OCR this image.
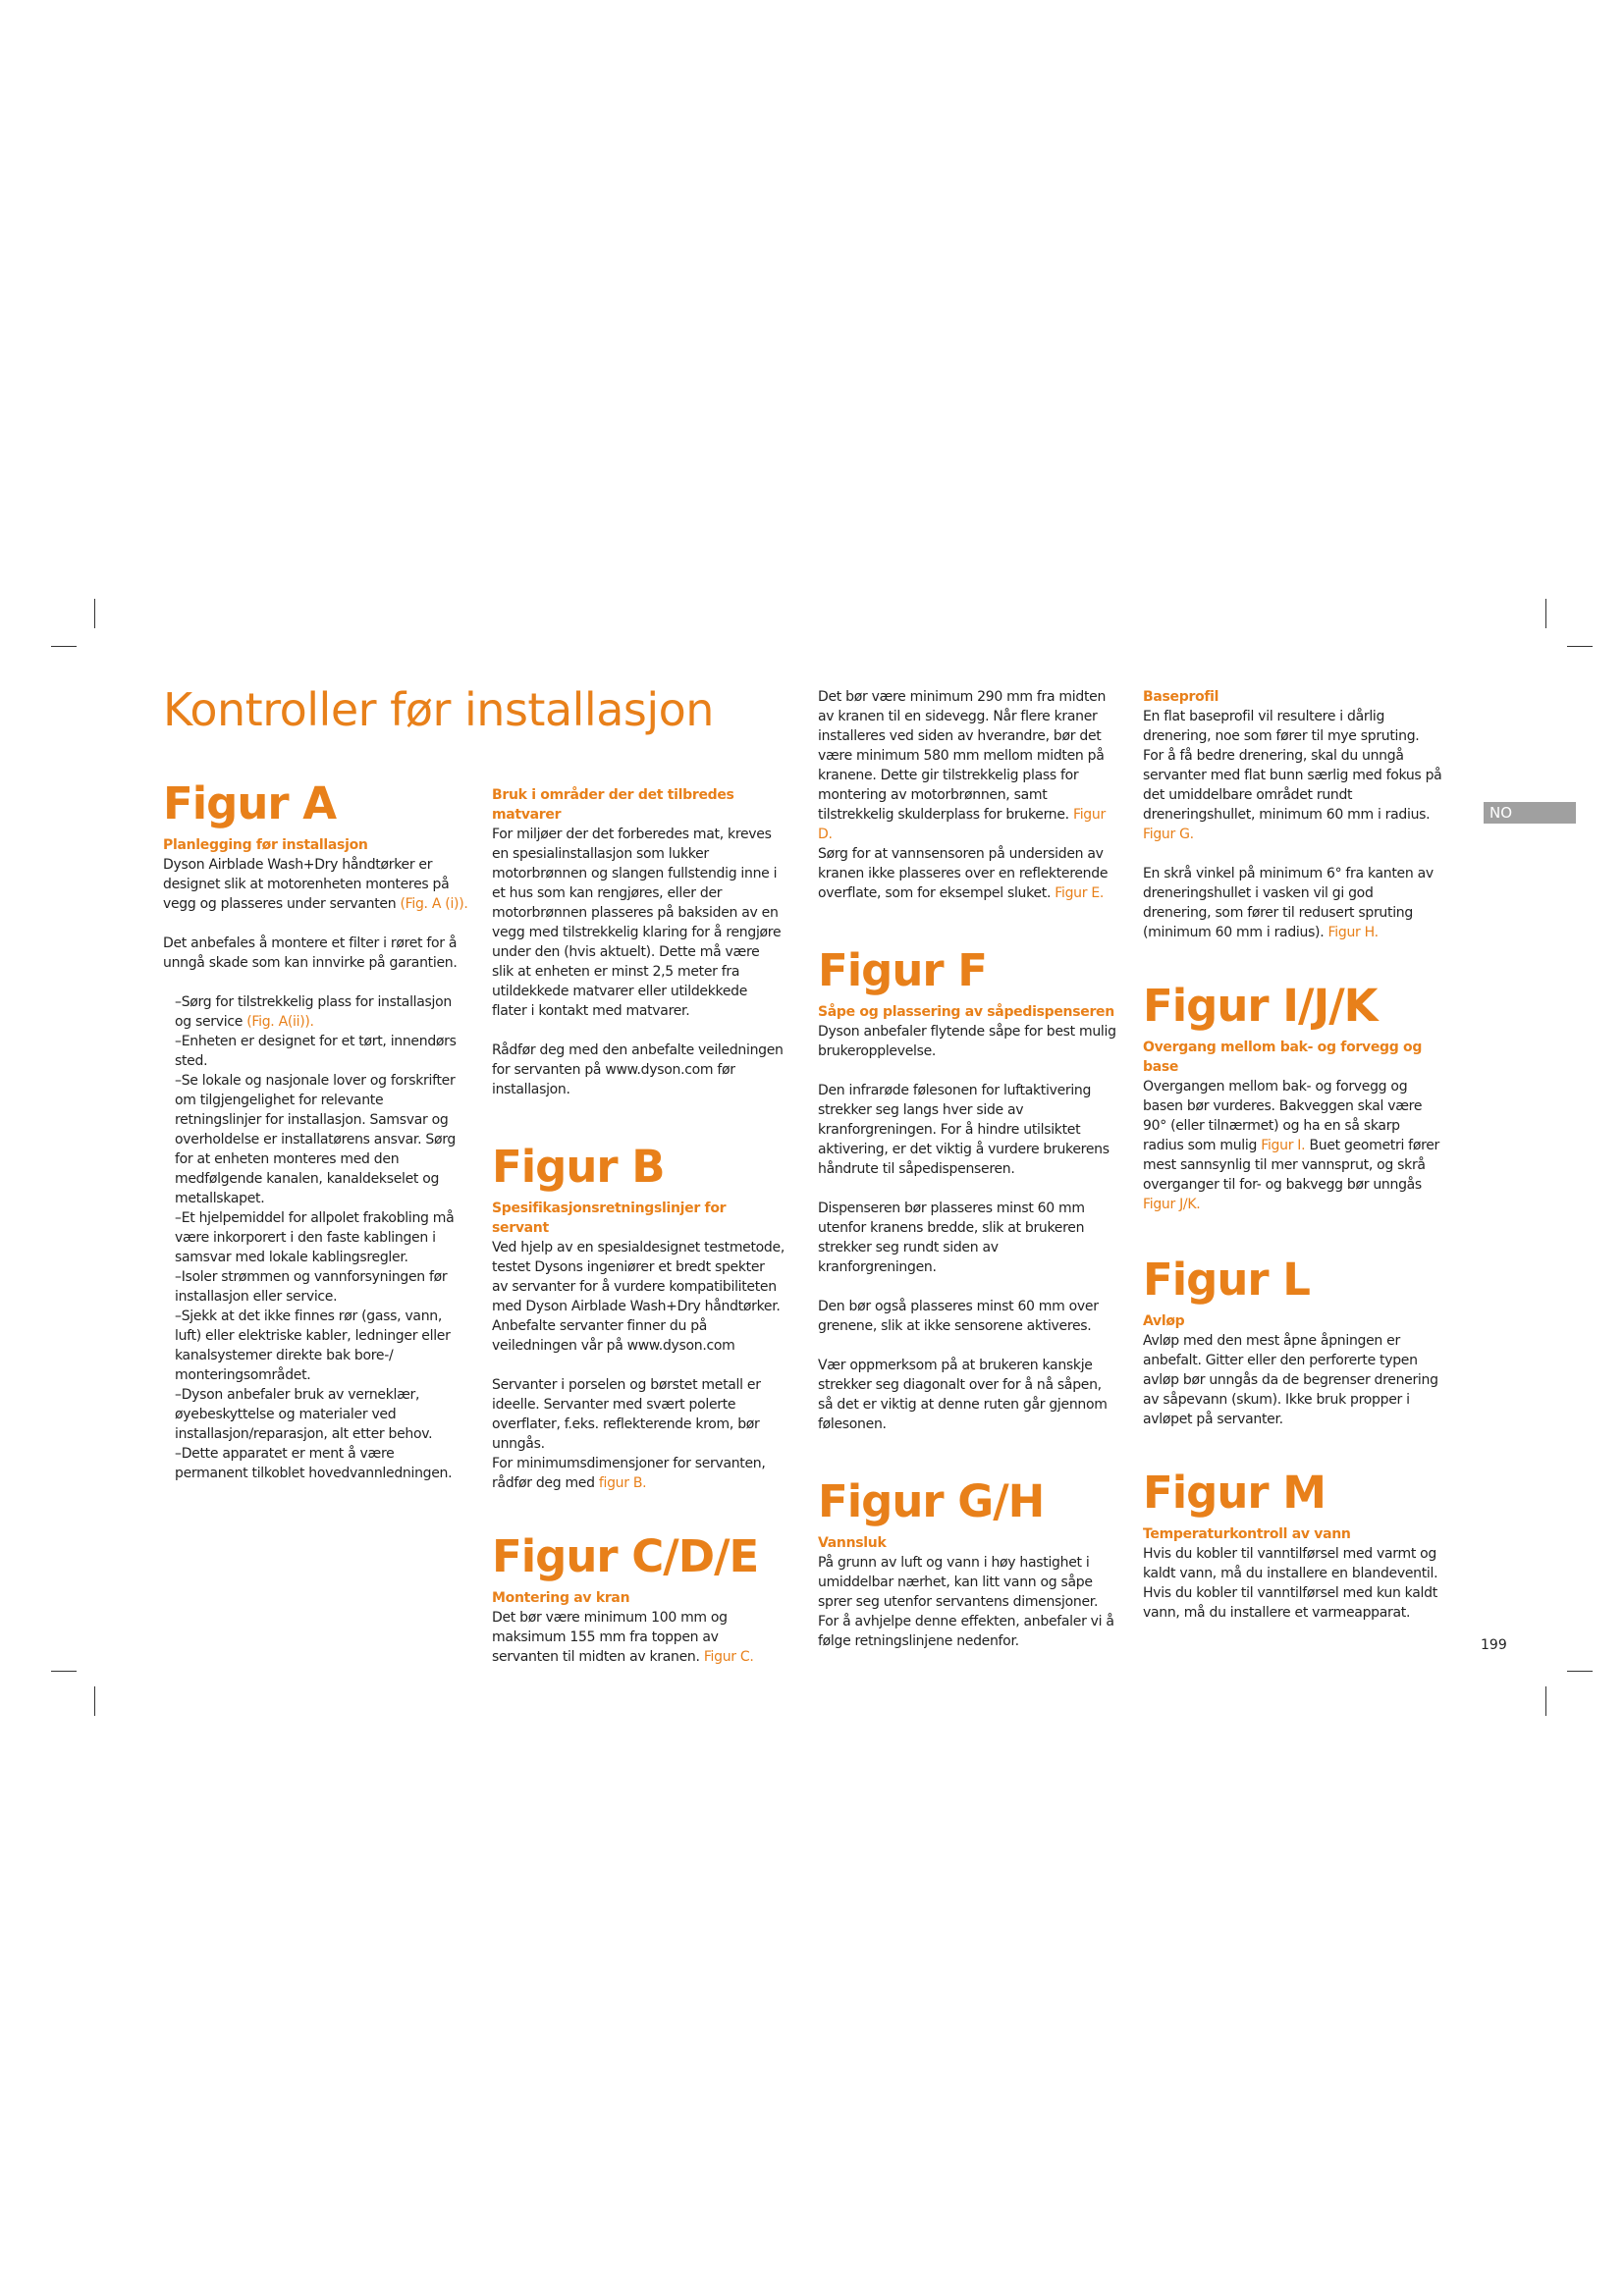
Kontroller før installasjon
NO
Figur A
Planlegging før installasjon

Dyson Airblade Wash+Dry håndtørker er designet slik at motorenheten monteres på vegg og plasseres under servanten (Fig. A (i)).

Det anbefales å montere et filter i røret for å unngå skade som kan innvirke på garantien.

–Sørg for tilstrekkelig plass for installasjon og service (Fig. A(ii)).
–Enheten er designet for et tørt, innendørs sted.
–Se lokale og nasjonale lover og forskrifter om tilgjengelighet for relevante retningslinjer for installasjon. Samsvar og overholdelse er installatørens ansvar. Sørg for at enheten monteres med den medfølgende kanalen, kanaldekselet og metallskapet.
–Et hjelpemiddel for allpolet frakobling må være inkorporert i den faste kablingen i samsvar med lokale kablingsregler.
–Isoler strømmen og vannforsyningen før installasjon eller service.
–Sjekk at det ikke finnes rør (gass, vann, luft) eller elektriske kabler, ledninger eller kanalsystemer direkte bak bore-/ monteringsområdet.
–Dyson anbefaler bruk av verneklær, øyebeskyttelse og materialer ved installasjon/reparasjon, alt etter behov.
–Dette apparatet er ment å være permanent tilkoblet hovedvannledningen.
Bruk i områder der det tilbredes matvarer

For miljøer der det forberedes mat, kreves en spesialinstallasjon som lukker motorbrønnen og slangen fullstendig inne i et hus som kan rengjøres, eller der motorbrønnen plasseres på baksiden av en vegg med tilstrekkelig klaring for å rengjøre under den (hvis aktuelt). Dette må være slik at enheten er minst 2,5 meter fra utildekkede matvarer eller utildekkede flater i kontakt med matvarer.

Rådfør deg med den anbefalte veiledningen for servanten på www.dyson.com før installasjon.

Figur B
Spesifikasjonsretningslinjer for servant

Ved hjelp av en spesialdesignet testmetode, testet Dysons ingeniører et bredt spekter av servanter for å vurdere kompatibiliteten med Dyson Airblade Wash+Dry håndtørker. Anbefalte servanter finner du på veiledningen vår på www.dyson.com

Servanter i porselen og børstet metall er ideelle. Servanter med svært polerte overflater, f.eks. reflekterende krom, bør unngås.

For minimumsdimensjoner for servanten, rådfør deg med figur B.

Figur C/D/E
Montering av kran

Det bør være minimum 100 mm og maksimum 155 mm fra toppen av servanten til midten av kranen. Figur C.

Det bør være minimum 290 mm fra midten av kranen til en sidevegg. Når flere kraner installeres ved siden av hverandre, bør det være minimum 580 mm mellom midten på kranene. Dette gir tilstrekkelig plass for montering av motorbrønnen, samt tilstrekkelig skulderplass for brukerne. Figur D.

Sørg for at vannsensoren på undersiden av kranen ikke plasseres over en reflekterende overflate, som for eksempel sluket. Figur E.

Figur F
Såpe og plassering av såpedispenseren

Dyson anbefaler flytende såpe for best mulig brukeropplevelse.

Den infrarøde følesonen for luftaktivering strekker seg langs hver side av kranforgreningen. For å hindre utilsiktet aktivering, er det viktig å vurdere brukerens håndrute til såpedispenseren.

Dispenseren bør plasseres minst 60 mm utenfor kranens bredde, slik at brukeren strekker seg rundt siden av kranforgreningen.

Den bør også plasseres minst 60 mm over grenene, slik at ikke sensorene aktiveres.

Vær oppmerksom på at brukeren kanskje strekker seg diagonalt over for å nå såpen, så det er viktig at denne ruten går gjennom følesonen.

Figur G/H
Vannsluk

På grunn av luft og vann i høy hastighet i umiddelbar nærhet, kan litt vann og såpe sprer seg utenfor servantens dimensjoner. For å avhjelpe denne effekten, anbefaler vi å følge retningslinjene nedenfor.

Baseprofil

En flat baseprofil vil resultere i dårlig drenering, noe som fører til mye spruting. For å få bedre drenering, skal du unngå servanter med flat bunn særlig med fokus på det umiddelbare området rundt dreneringshullet, minimum 60 mm i radius. Figur G.

En skrå vinkel på minimum 6° fra kanten av dreneringshullet i vasken vil gi god drenering, som fører til redusert spruting (minimum 60 mm i radius). Figur H.

Figur I/J/K
Overgang mellom bak- og forvegg og base

Overgangen mellom bak- og forvegg og basen bør vurderes. Bakveggen skal være 90° (eller tilnærmet) og ha en så skarp radius som mulig Figur I. Buet geometri fører mest sannsynlig til mer vannsprut, og skrå overganger til for- og bakvegg bør unngås Figur J/K.

Figur L
Avløp

Avløp med den mest åpne åpningen er anbefalt. Gitter eller den perforerte typen avløp bør unngås da de begrenser drenering av såpevann (skum). Ikke bruk propper i avløpet på servanter.

Figur M
Temperaturkontroll av vann

Hvis du kobler til vanntilførsel med varmt og kaldt vann, må du installere en blandeventil. Hvis du kobler til vanntilførsel med kun kaldt vann, må du installere et varmeapparat.

199
